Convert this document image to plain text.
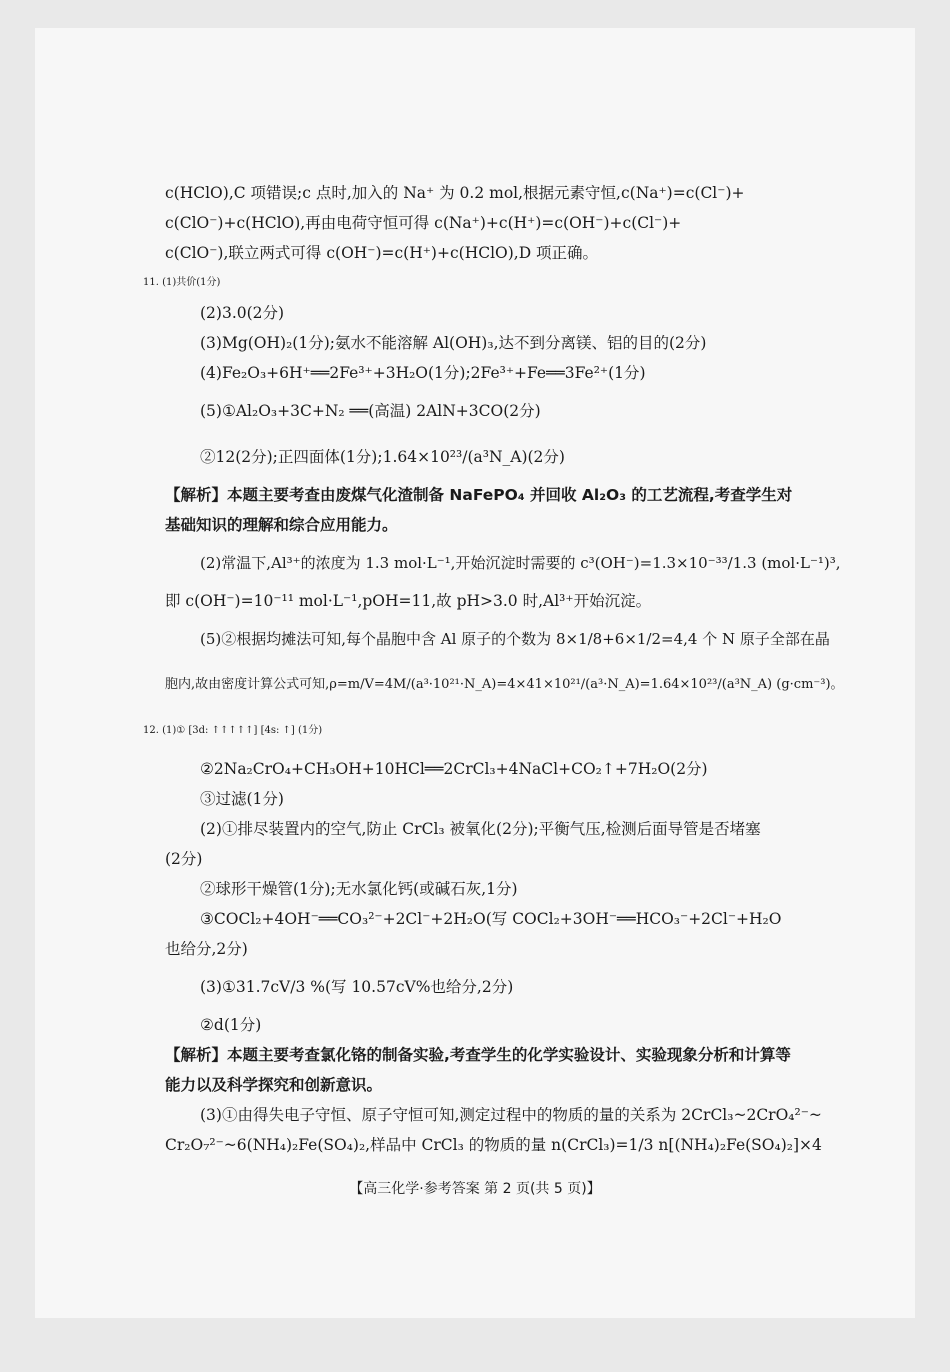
c(HClO),C 项错误;c 点时,加入的 Na⁺ 为 0.2 mol,根据元素守恒,c(Na⁺)=c(Cl⁻)+
c(ClO⁻)+c(HClO),再由电荷守恒可得 c(Na⁺)+c(H⁺)=c(OH⁻)+c(Cl⁻)+
c(ClO⁻),联立两式可得 c(OH⁻)=c(H⁺)+c(HClO),D 项正确。
11. (1)共价(1分)
(2)3.0(2分)
(3)Mg(OH)₂(1分);氨水不能溶解 Al(OH)₃,达不到分离镁、铝的目的(2分)
(4)Fe₂O₃+6H⁺══2Fe³⁺+3H₂O(1分);2Fe³⁺+Fe══3Fe²⁺(1分)
(5)①Al₂O₃+3C+N₂ ══(高温) 2AlN+3CO(2分)
②12(2分);正四面体(1分);1.64×10²³/(a³N_A)(2分)
【解析】本题主要考查由废煤气化渣制备 NaFePO₄ 并回收 Al₂O₃ 的工艺流程,考查学生对
基础知识的理解和综合应用能力。
(2)常温下,Al³⁺的浓度为 1.3 mol·L⁻¹,开始沉淀时需要的 c³(OH⁻)=1.3×10⁻³³/1.3 (mol·L⁻¹)³,
即 c(OH⁻)=10⁻¹¹ mol·L⁻¹,pOH=11,故 pH>3.0 时,Al³⁺开始沉淀。
(5)②根据均摊法可知,每个晶胞中含 Al 原子的个数为 8×1/8+6×1/2=4,4 个 N 原子全部在晶
胞内,故由密度计算公式可知,ρ=m/V=4M/(a³·10²¹·N_A)=4×41×10²¹/(a³·N_A)=1.64×10²³/(a³N_A) (g·cm⁻³)。
12. (1)① [3d: ↑↑↑↑↑] [4s: ↑] (1分)
②2Na₂CrO₄+CH₃OH+10HCl══2CrCl₃+4NaCl+CO₂↑+7H₂O(2分)
③过滤(1分)
(2)①排尽装置内的空气,防止 CrCl₃ 被氧化(2分);平衡气压,检测后面导管是否堵塞
(2分)
②球形干燥管(1分);无水氯化钙(或碱石灰,1分)
③COCl₂+4OH⁻══CO₃²⁻+2Cl⁻+2H₂O(写 COCl₂+3OH⁻══HCO₃⁻+2Cl⁻+H₂O
也给分,2分)
(3)①31.7cV/3 %(写 10.57cV%也给分,2分)
②d(1分)
【解析】本题主要考查氯化铬的制备实验,考查学生的化学实验设计、实验现象分析和计算等
能力以及科学探究和创新意识。
(3)①由得失电子守恒、原子守恒可知,测定过程中的物质的量的关系为 2CrCl₃~2CrO₄²⁻~
Cr₂O₇²⁻~6(NH₄)₂Fe(SO₄)₂,样品中 CrCl₃ 的物质的量 n(CrCl₃)=1/3 n[(NH₄)₂Fe(SO₄)₂]×4
【高三化学·参考答案 第 2 页(共 5 页)】
